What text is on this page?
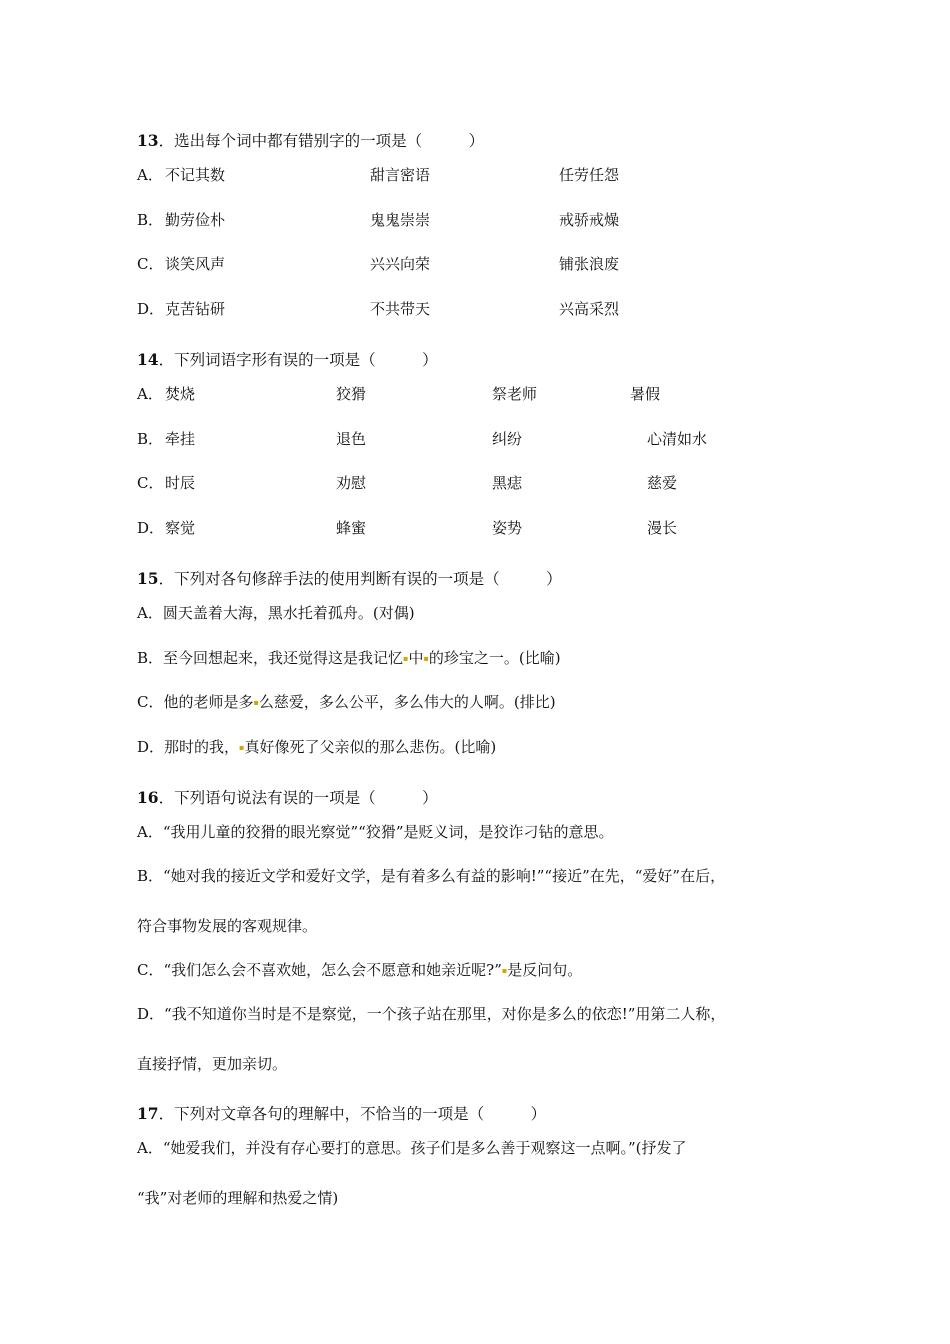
13．选出每个词中都有错别字的一项是（　　　）
A． 不记其数	甜言密语	任劳任怨
B． 勤劳俭朴	鬼鬼崇崇	戒骄戒燥
C． 谈笑风声	兴兴向荣	铺张浪废
D． 克苦钻研	不共带天	兴高采烈
14．下列词语字形有误的一项是（　　　）
A． 焚烧	狡猾	祭老师	暑假
B． 牵挂	退色	纠纷	心清如水
C． 时辰	劝慰	黑痣	慈爱
D． 察觉	蜂蜜	姿势	漫长
15．下列对各句修辞手法的使用判断有误的一项是（　　　）
A．圆天盖着大海，黑水托着孤舟。(对偶)
B．至今回想起来，我还觉得这是我记忆▪中▪的珍宝之一。(比喻)
C．他的老师是多▪么慈爱，多么公平，多么伟大的人啊。(排比)
D．那时的我，▪真好像死了父亲似的那么悲伤。(比喻)
16．下列语句说法有误的一项是（　　　）
A．“我用儿童的狡猾的眼光察觉”“狡猾”是贬义词，是狡诈刁钻的意思。
B．“她对我的接近文学和爱好文学，是有着多么有益的影响!”“接近”在先，“爱好”在后，
符合事物发展的客观规律。
C．“我们怎么会不喜欢她，怎么会不愿意和她亲近呢?”▪是反问句。
D．“我不知道你当时是不是察觉，一个孩子站在那里，对你是多么的依恋!”用第二人称，
直接抒情，更加亲切。
17．下列对文章各句的理解中，不恰当的一项是（　　　）
A．“她爱我们，并没有存心要打的意思。孩子们是多么善于观察这一点啊。”(抒发了
“我”对老师的理解和热爱之情)
